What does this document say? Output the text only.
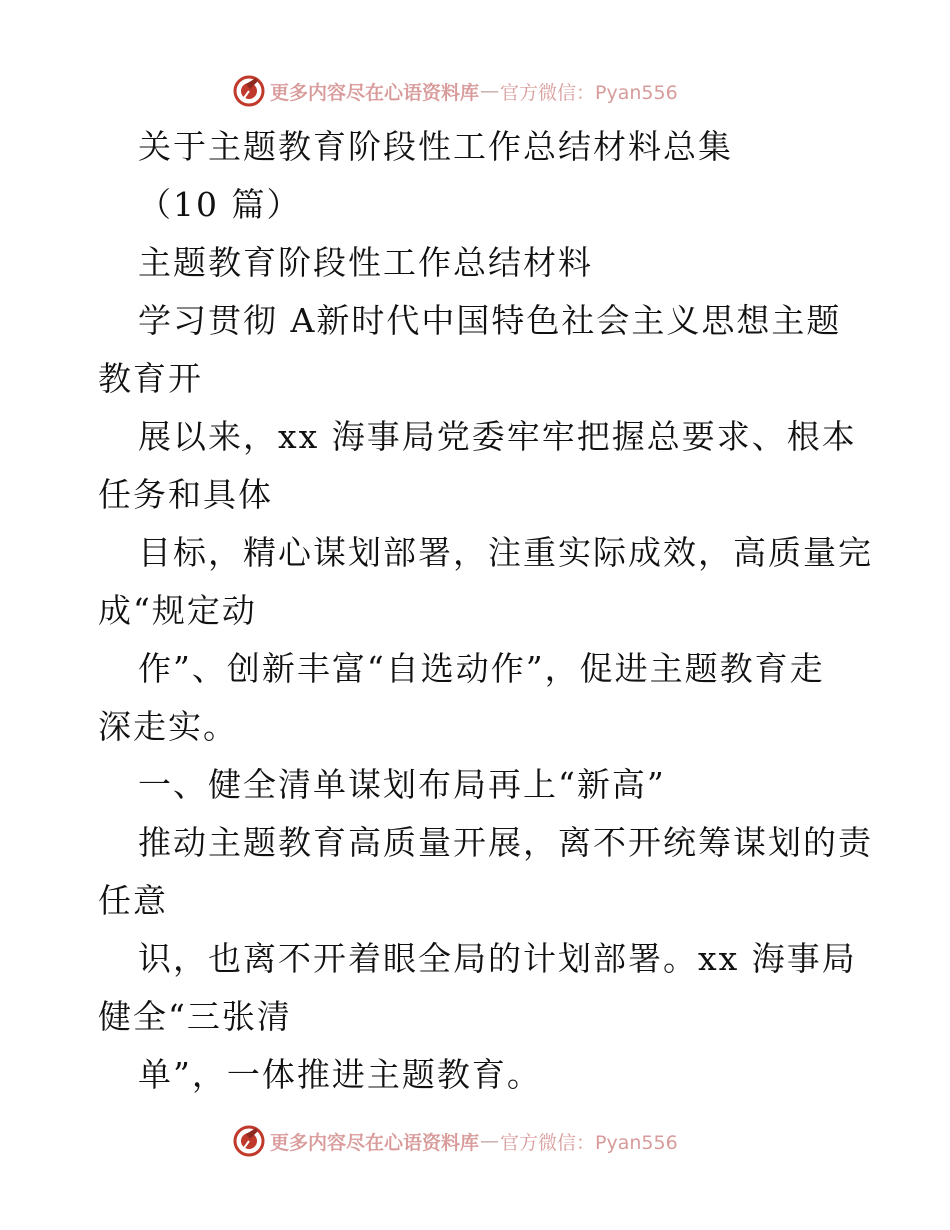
更多内容尽在心语资料库 — 官方微信：Pyan556
关于主题教育阶段性工作总结材料总集
（10 篇）
主题教育阶段性工作总结材料
学习贯彻 A新时代中国特色社会主义思想主题
教育开
展以来，xx 海事局党委牢牢把握总要求、根本
任务和具体
目标，精心谋划部署，注重实际成效，高质量完
成“规定动
作”、创新丰富“自选动作”，促进主题教育走
深走实。
一、健全清单谋划布局再上“新高”
推动主题教育高质量开展，离不开统筹谋划的责
任意
识，也离不开着眼全局的计划部署。xx 海事局
健全“三张清
单”，一体推进主题教育。
更多内容尽在心语资料库 — 官方微信：Pyan556
